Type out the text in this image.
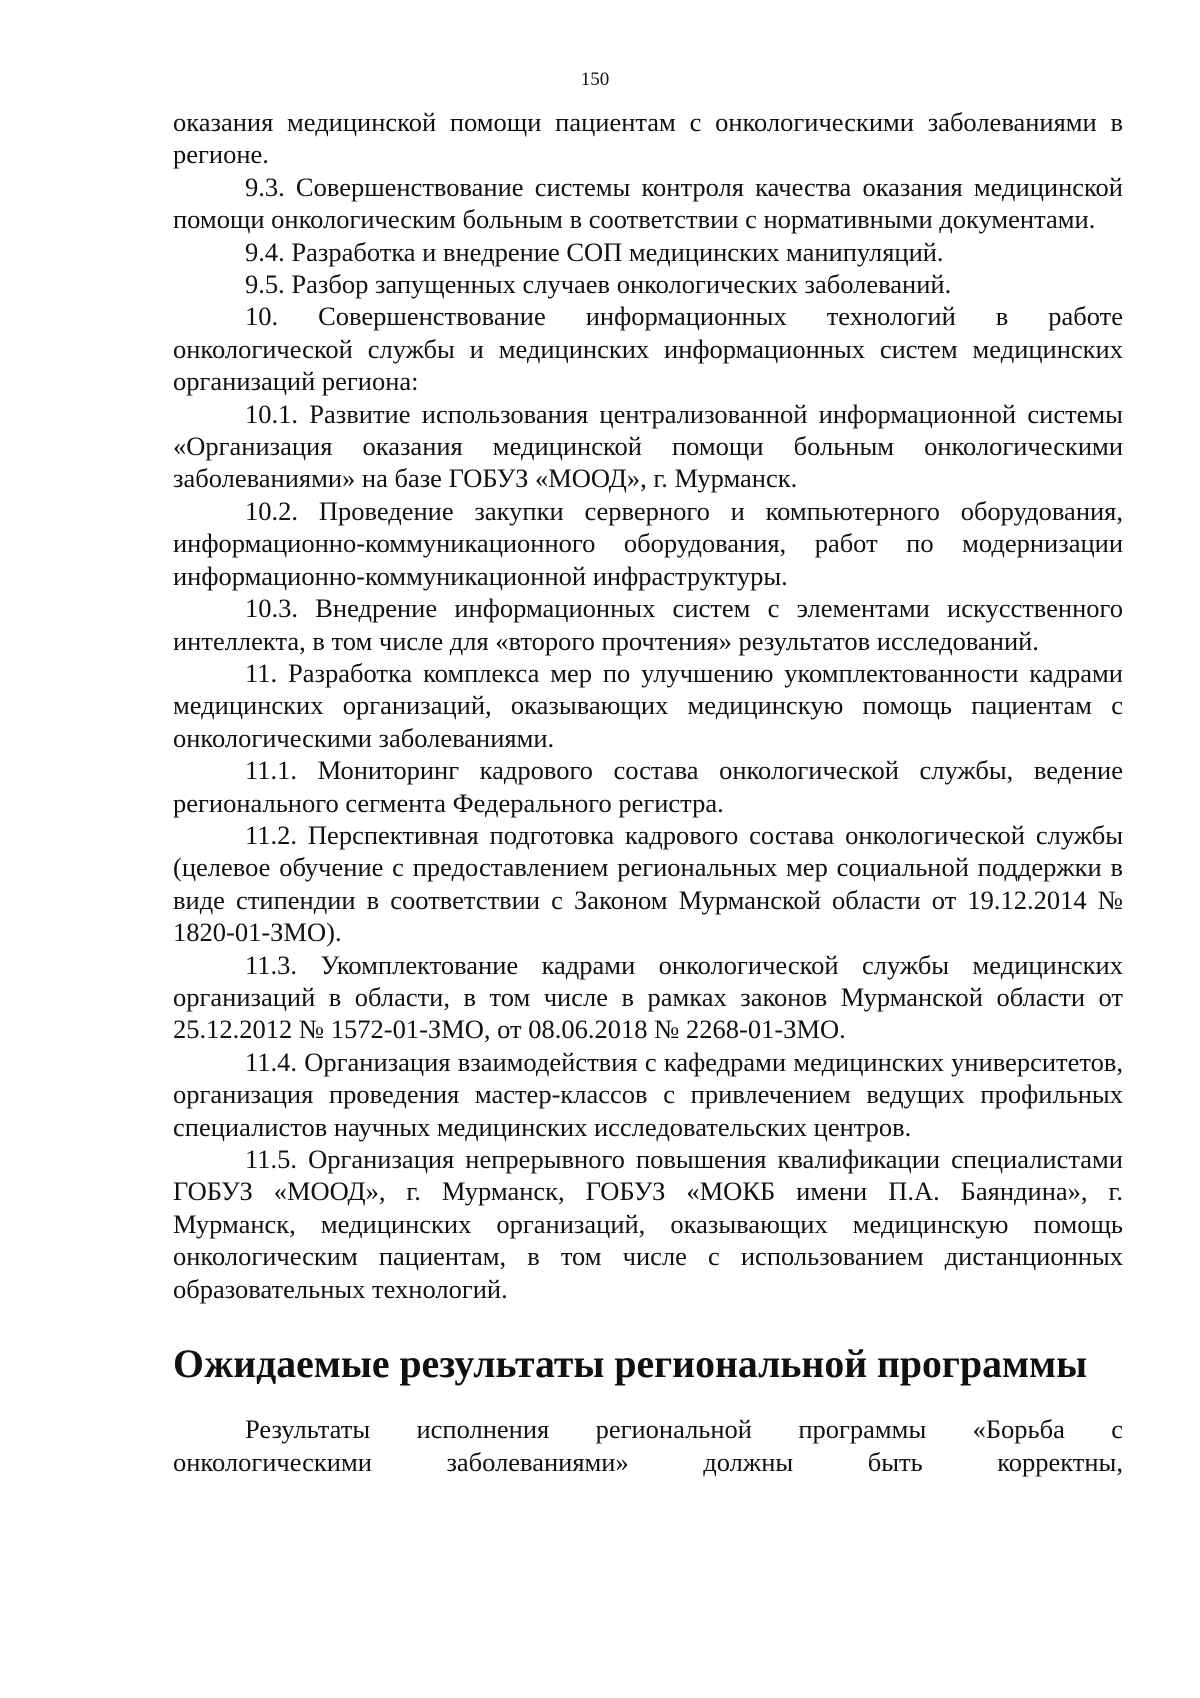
150

оказания медицинской помощи пациентам с онкологическими заболеваниями в регионе.

9.3. Совершенствование системы контроля качества оказания медицинской помощи онкологическим больным в соответствии с нормативными документами.

9.4. Разработка и внедрение СОП медицинских манипуляций.

9.5. Разбор запущенных случаев онкологических заболеваний.

10. Совершенствование информационных технологий в работе онкологической службы и медицинских информационных систем медицинских организаций региона:

10.1. Развитие использования централизованной информационной системы «Организация оказания медицинской помощи больным онкологическими заболеваниями» на базе ГОБУЗ «МООД», г. Мурманск.

10.2. Проведение закупки серверного и компьютерного оборудования, информационно-коммуникационного оборудования, работ по модернизации информационно-коммуникационной инфраструктуры.

10.3. Внедрение информационных систем с элементами искусственного интеллекта, в том числе для «второго прочтения» результатов исследований.

11. Разработка комплекса мер по улучшению укомплектованности кадрами медицинских организаций, оказывающих медицинскую помощь пациентам с онкологическими заболеваниями.

11.1. Мониторинг кадрового состава онкологической службы, ведение регионального сегмента Федерального регистра.

11.2. Перспективная подготовка кадрового состава онкологической службы (целевое обучение с предоставлением региональных мер социальной поддержки в виде стипендии в соответствии с Законом Мурманской области от 19.12.2014 № 1820-01-ЗМО).

11.3. Укомплектование кадрами онкологической службы медицинских организаций в области, в том числе в рамках законов Мурманской области от 25.12.2012 № 1572-01-ЗМО, от 08.06.2018 № 2268-01-ЗМО.

11.4. Организация взаимодействия с кафедрами медицинских университетов, организация проведения мастер-классов с привлечением ведущих профильных специалистов научных медицинских исследовательских центров.

11.5. Организация непрерывного повышения квалификации специалистами ГОБУЗ «МООД», г. Мурманск, ГОБУЗ «МОКБ имени П.А. Баяндина», г. Мурманск, медицинских организаций, оказывающих медицинскую помощь онкологическим пациентам, в том числе с использованием дистанционных образовательных технологий.

Ожидаемые результаты региональной программы

Результаты исполнения региональной программы «Борьба с онкологическими заболеваниями» должны быть корректны,
